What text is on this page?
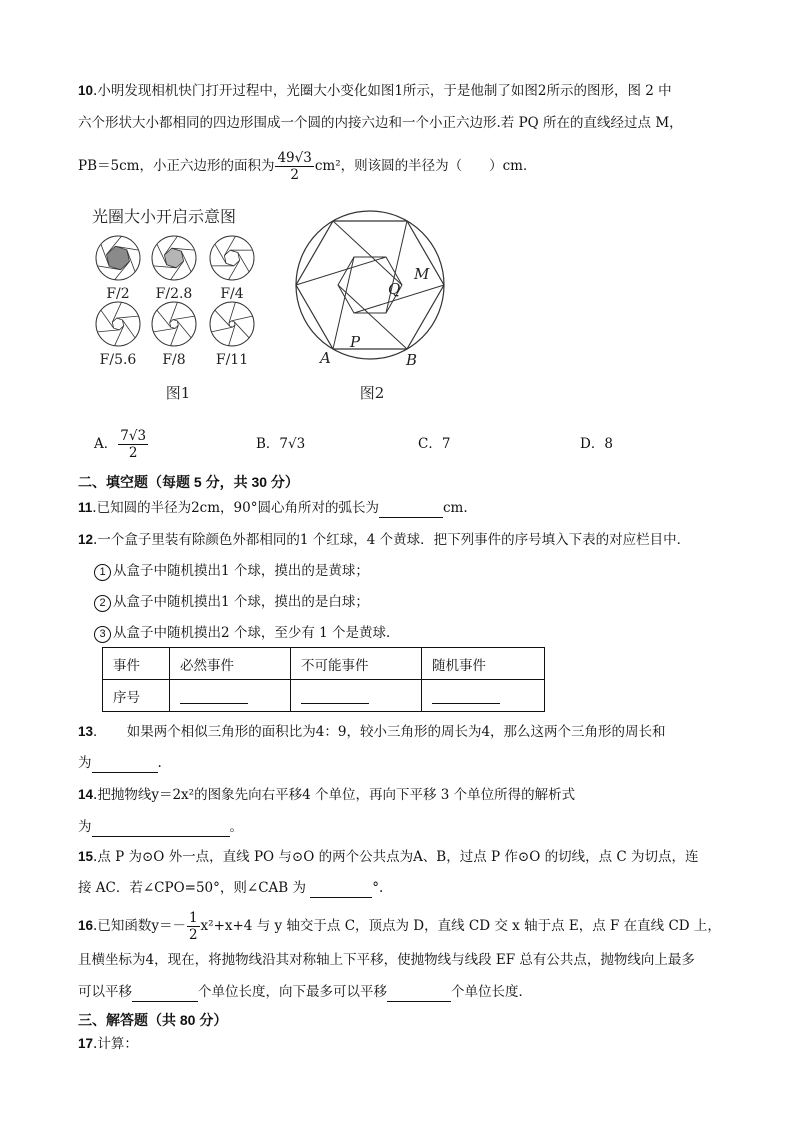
10.小明发现相机快门打开过程中，光圈大小变化如图1所示，于是他制了如图2所示的图形，图 2 中
六个形状大小都相同的四边形围成一个圆的内接六边和一个小正六边形.若 PQ 所在的直线经过点 M，
PB＝5cm，小正六边形的面积为 $\frac{49√3}{2} cm^2$，则该圆的半径为（　　）cm．
光圈大小开启示意图
F/2 F/2.8 F/4
F/5.6 F/8 F/11
图1
M
Q
P
A	B
图2
A． $\frac{7√3}{2}$	B．7√3	C．7	D．8
二、填空题（每题 5 分，共 30 分）
11.已知圆的半径为2cm，90°圆心角所对的弧长为	cm.
12.一个盒子里装有除颜色外都相同的1 个红球，4 个黄球．把下列事件的序号填入下表的对应栏目中．
1 从盒子中随机摸出1 个球，摸出的是黄球；
2 从盒子中随机摸出1 个球，摸出的是白球；
3 从盒子中随机摸出2 个球，至少有 1 个是黄球．
事件	必然事件	不可能事件	随机事件
序号			
13．　　如果两个相似三角形的面积比为4：9，较小三角形的周长为4，那么这两个三角形的周长和
为	.
14.把抛物线y＝2x²的图象先向右平移4 个单位，再向下平移 3 个单位所得的解析式
为	。
15.点 P 为⊙O 外一点，直线 PO 与⊙O 的两个公共点为A、B，过点 P 作⊙O 的切线，点 C 为切点，连
接 AC．若∠CPO=50°，则∠CAB 为	°.
16.已知函数$y=- \frac{1}{2} x^2+x+4$ 与 y 轴交于点 C，顶点为 D，直线 CD 交 x 轴于点 E，点 F 在直线 CD 上，
且横坐标为4，现在，将抛物线沿其对称轴上下平移，使抛物线与线段 EF 总有公共点，抛物线向上最多
可以平移	个单位长度，向下最多可以平移	个单位长度．
三、解答题（共 80 分）
17.计算：
